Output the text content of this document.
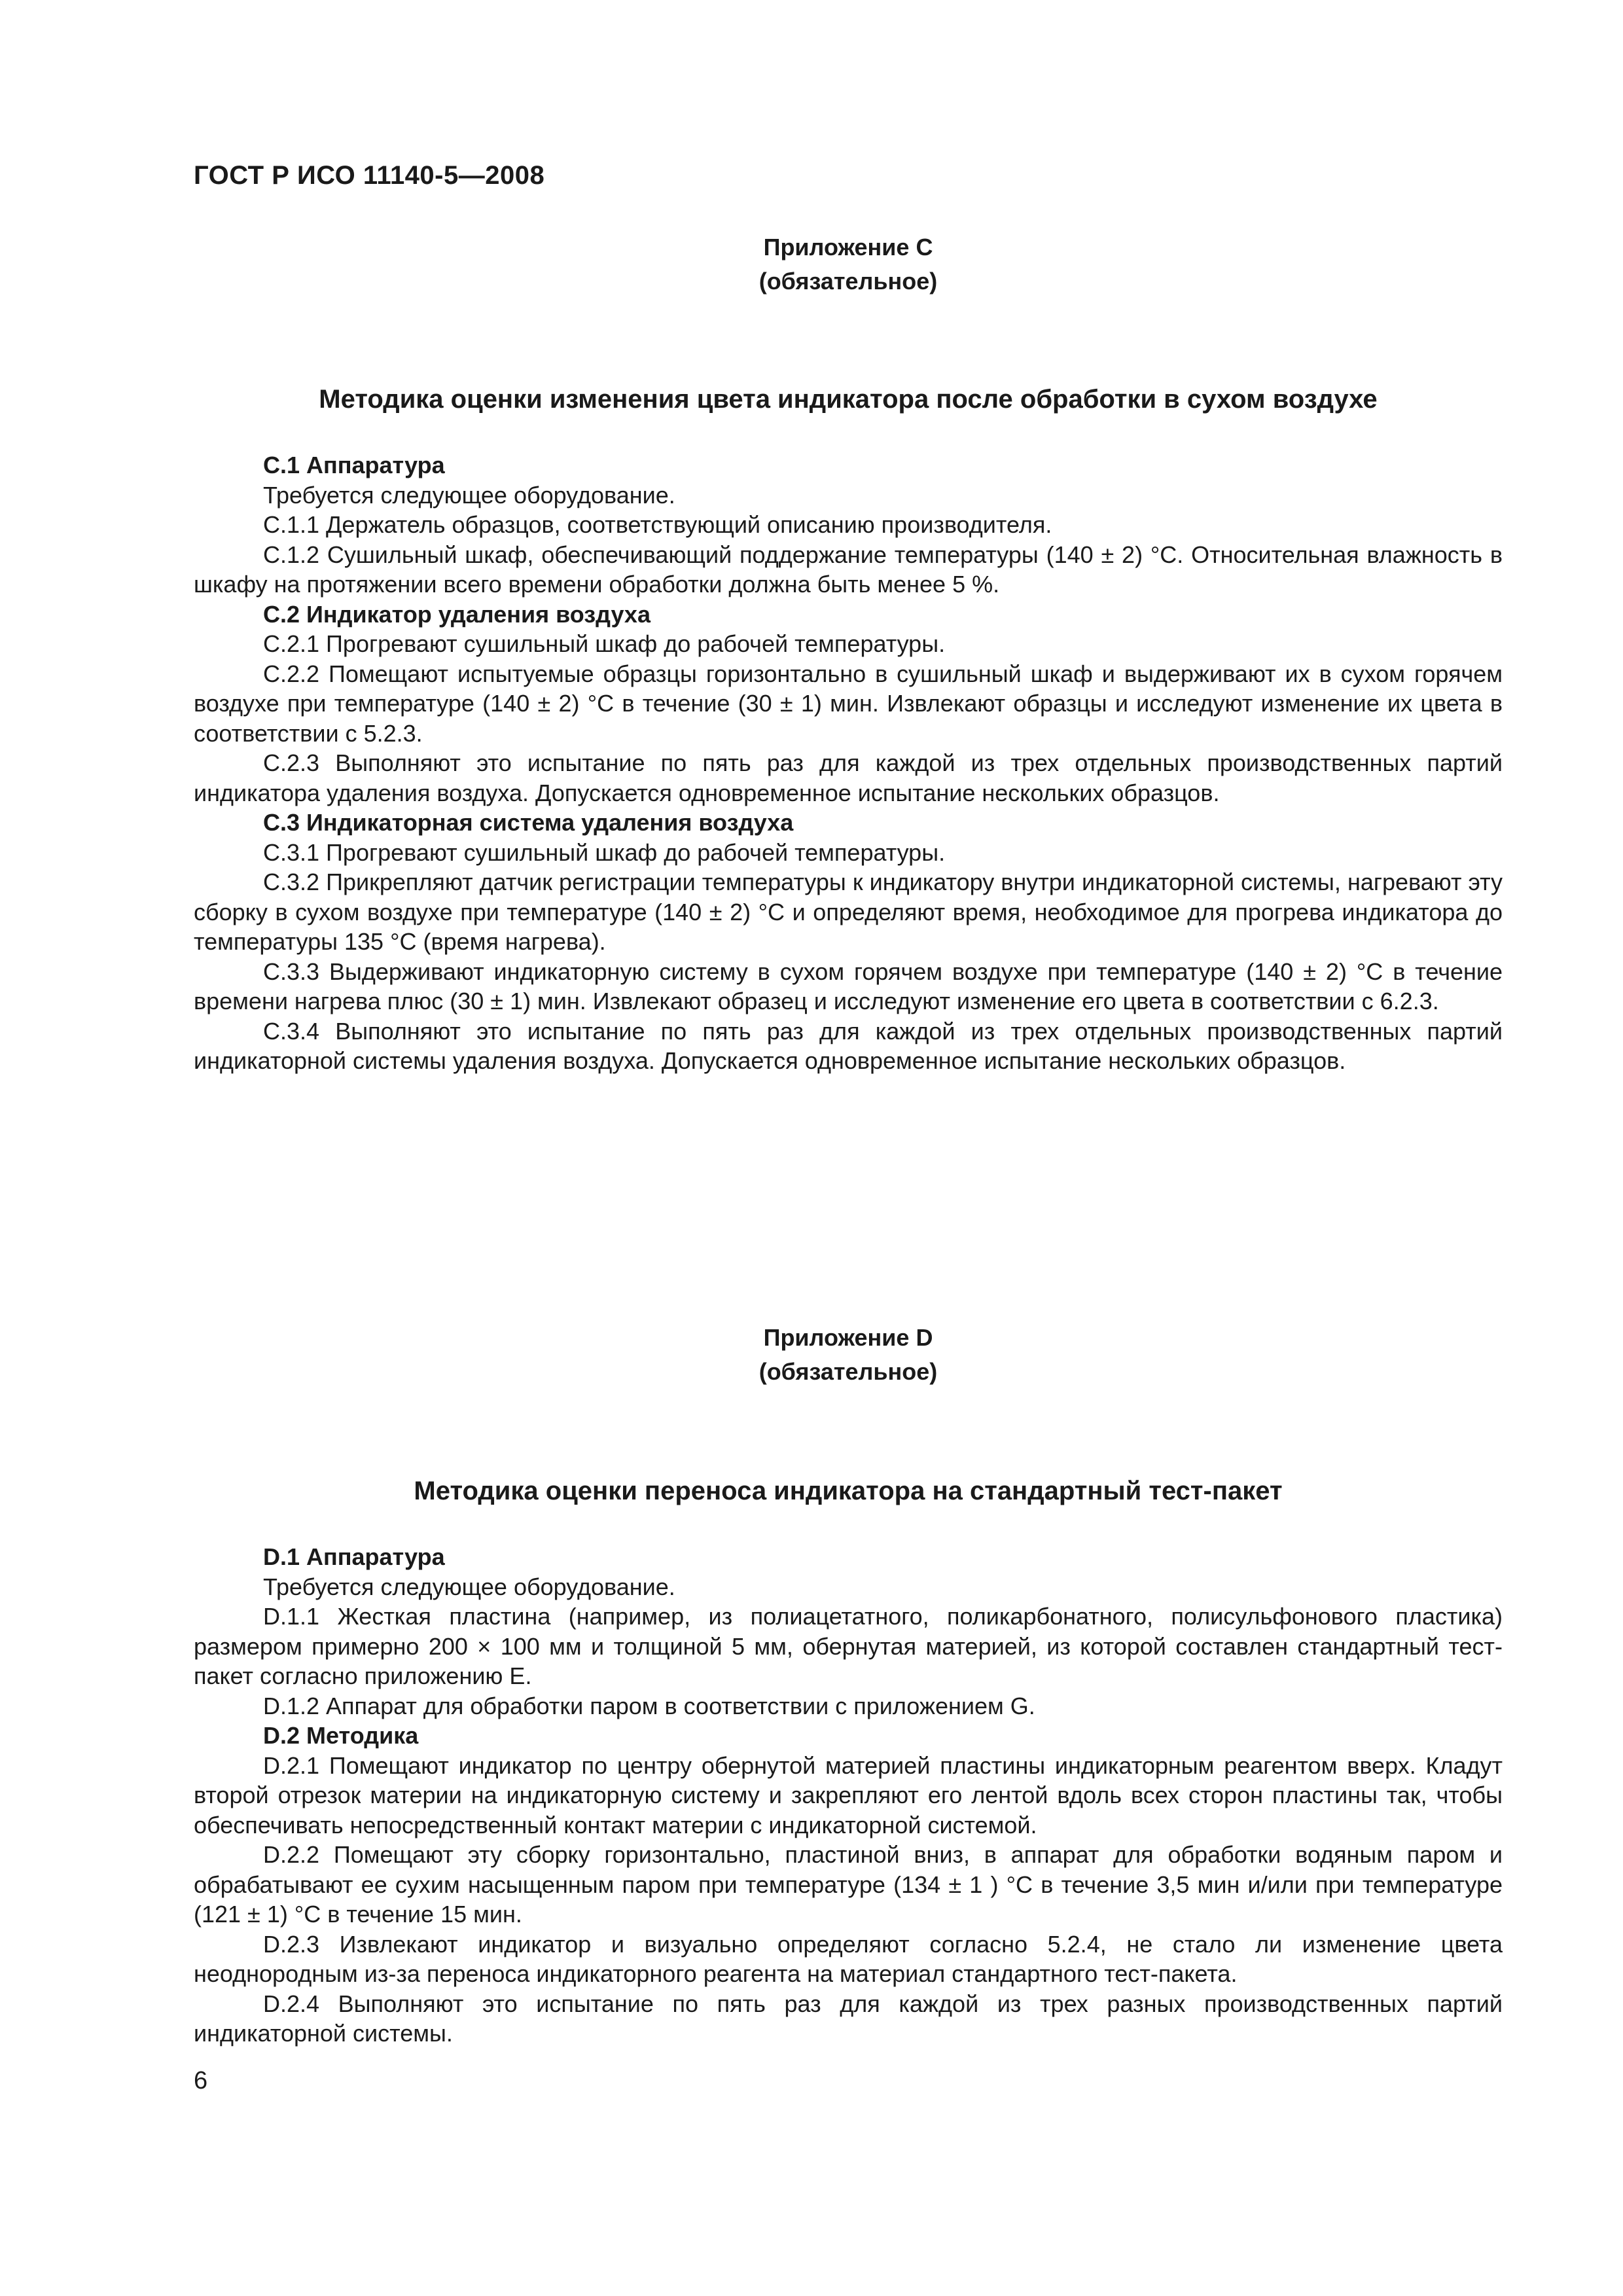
ГОСТ Р ИСО 11140-5—2008
Приложение С
(обязательное)
Методика оценки изменения цвета индикатора после обработки в сухом воздухе

С.1 Аппаратура

Требуется следующее оборудование.

С.1.1 Держатель образцов, соответствующий описанию производителя.

С.1.2 Сушильный шкаф, обеспечивающий поддержание температуры (140 ± 2) °С. Относительная влажность в шкафу на протяжении всего времени обработки должна быть менее 5 %.

С.2 Индикатор удаления воздуха

С.2.1 Прогревают сушильный шкаф до рабочей температуры.

С.2.2 Помещают испытуемые образцы горизонтально в сушильный шкаф и выдерживают их в сухом горячем воздухе при температуре (140 ± 2) °С в течение (30 ± 1) мин. Извлекают образцы и исследуют изменение их цвета в соответствии с 5.2.3.

С.2.3 Выполняют это испытание по пять раз для каждой из трех отдельных производственных партий индикатора удаления воздуха. Допускается одновременное испытание нескольких образцов.

С.3 Индикаторная система удаления воздуха

С.3.1 Прогревают сушильный шкаф до рабочей температуры.

С.3.2 Прикрепляют датчик регистрации температуры к индикатору внутри индикаторной системы, нагревают эту сборку в сухом воздухе при температуре (140 ± 2) °С и определяют время, необходимое для прогрева индикатора до температуры 135 °С (время нагрева).

С.3.3 Выдерживают индикаторную систему в сухом горячем воздухе при температуре (140 ± 2) °С в течение времени нагрева плюс (30 ± 1) мин. Извлекают образец и исследуют изменение его цвета в соответствии с 6.2.3.

С.3.4 Выполняют это испытание по пять раз для каждой из трех отдельных производственных партий индикаторной системы удаления воздуха. Допускается одновременное испытание нескольких образцов.

Приложение D
(обязательное)
Методика оценки переноса индикатора на стандартный тест-пакет

D.1 Аппаратура

Требуется следующее оборудование.

D.1.1 Жесткая пластина (например, из полиацетатного, поликарбонатного, полисульфонового пластика) размером примерно 200 × 100 мм и толщиной 5 мм, обернутая материей, из которой составлен стандартный тест-пакет согласно приложению Е.

D.1.2 Аппарат для обработки паром в соответствии с приложением G.

D.2 Методика

D.2.1 Помещают индикатор по центру обернутой материей пластины индикаторным реагентом вверх. Кладут второй отрезок материи на индикаторную систему и закрепляют его лентой вдоль всех сторон пластины так, чтобы обеспечивать непосредственный контакт материи с индикаторной системой.

D.2.2 Помещают эту сборку горизонтально, пластиной вниз, в аппарат для обработки водяным паром и обрабатывают ее сухим насыщенным паром при температуре (134 ± 1 ) °С в течение 3,5 мин и/или при температуре (121 ± 1) °С в течение 15 мин.

D.2.3 Извлекают индикатор и визуально определяют согласно 5.2.4, не стало ли изменение цвета неоднородным из-за переноса индикаторного реагента на материал стандартного тест-пакета.

D.2.4 Выполняют это испытание по пять раз для каждой из трех разных производственных партий индикаторной системы.

6
